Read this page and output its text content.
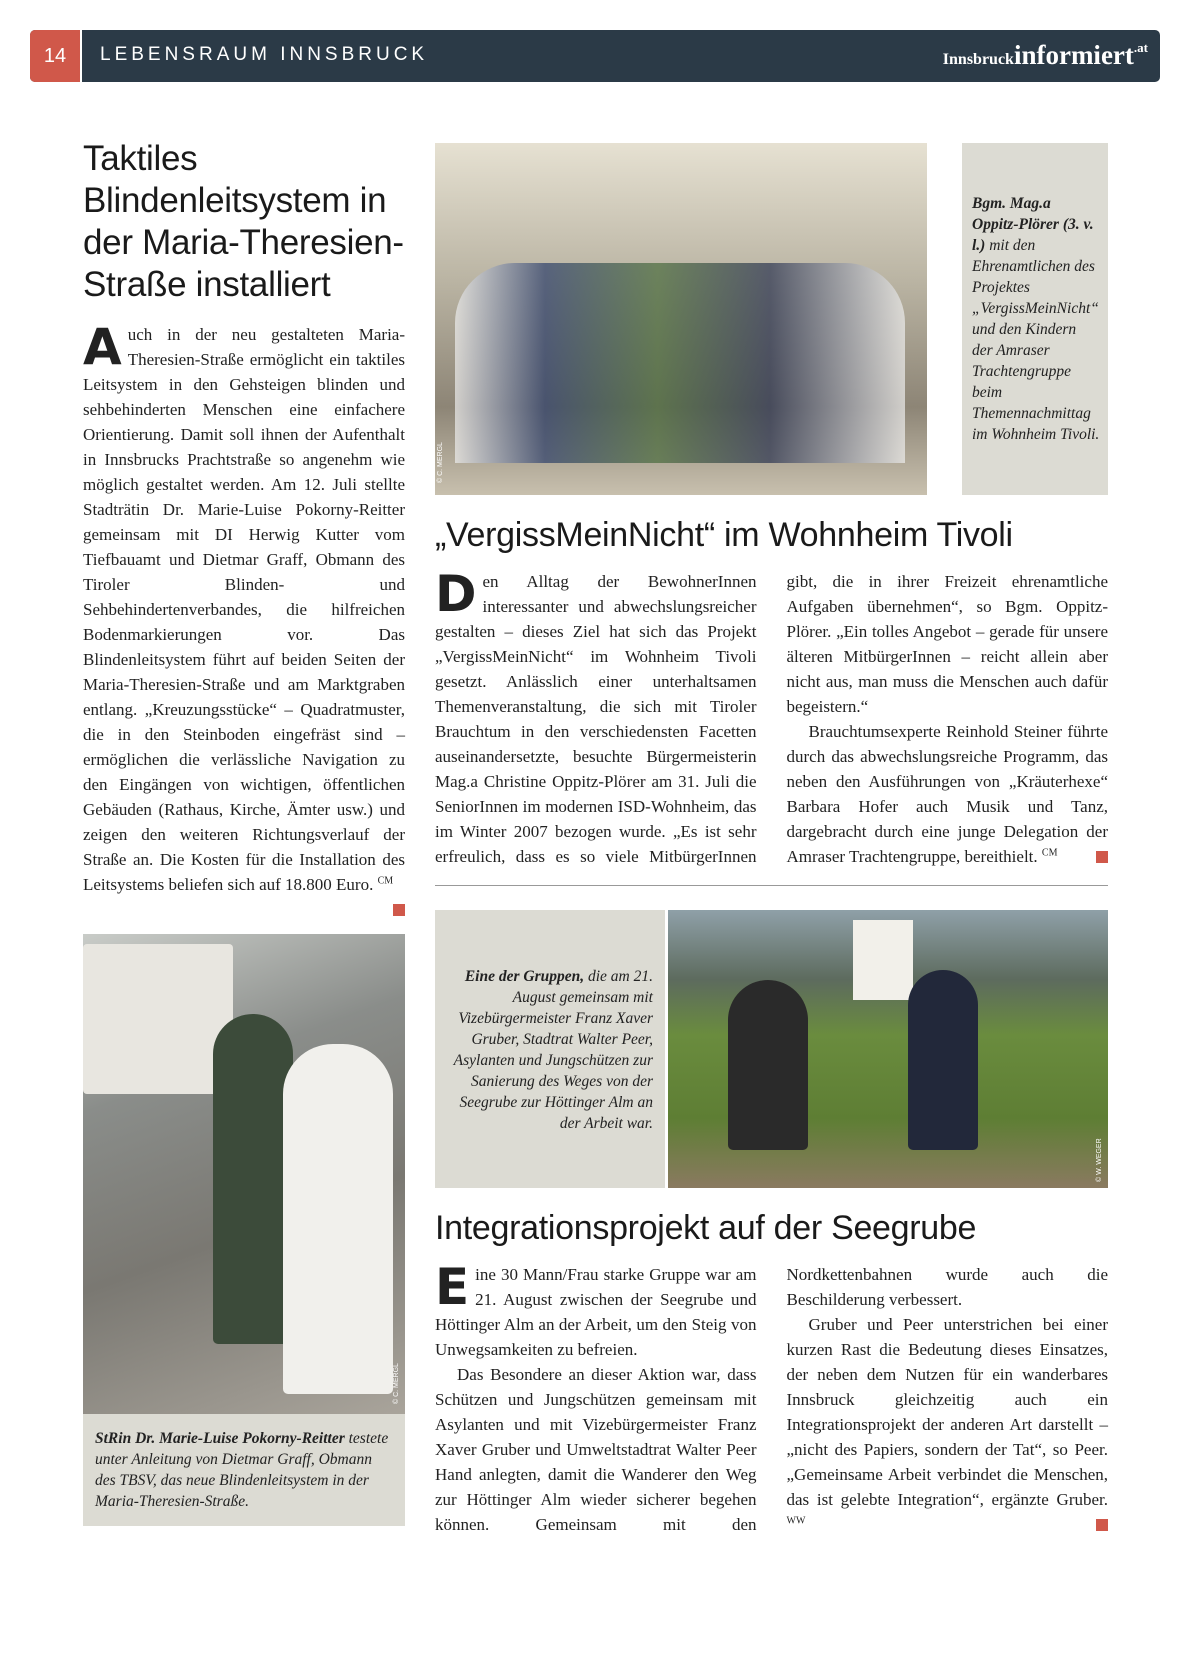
14	LEBENSRAUM INNSBRUCK	Innsbruckinformiert$^{.at}$
Taktiles Blindenleitsystem in der Maria-Theresien-Straße installiert

Auch in der neu gestalteten Maria-Theresien-Straße ermöglicht ein taktiles Leitsystem in den Gehsteigen blinden und sehbehinderten Menschen eine einfachere Orientierung. Damit soll ihnen der Aufenthalt in Innsbrucks Prachtstraße so angenehm wie möglich gestaltet werden. Am 12. Juli stellte Stadträtin Dr. Marie-Luise Pokorny-Reitter gemeinsam mit DI Herwig Kutter vom Tiefbauamt und Dietmar Graff, Obmann des Tiroler Blinden- und Sehbehindertenverbandes, die hilfreichen Bodenmarkierungen vor. Das Blindenleitsystem führt auf beiden Seiten der Maria-Theresien-Straße und am Marktgraben entlang. „Kreuzungsstücke“ – Quadratmuster, die in den Steinboden eingefräst sind – ermöglichen die verlässliche Navigation zu den Eingängen von wichtigen, öffentlichen Gebäuden (Rathaus, Kirche, Ämter usw.) und zeigen den weiteren Richtungsverlauf der Straße an. Die Kosten für die Installation des Leitsystems beliefen sich auf 18.800 Euro. $^{CM}$

© C. MERGL
StRin Dr. Marie-Luise Pokorny-Reitter testete unter Anleitung von Dietmar Graff, Obmann des TBSV, das neue Blindenleitsystem in der Maria-Theresien-Straße.
© C. MERGL
Bgm. Mag.a Oppitz-Plörer (3. v. l.) mit den Ehrenamtlichen des Projektes „VergissMeinNicht“ und den Kindern der Amraser Trachtengruppe beim Themennachmittag im Wohnheim Tivoli.
„VergissMeinNicht“ im Wohnheim Tivoli

Den Alltag der BewohnerInnen interessanter und abwechslungsreicher gestalten – dieses Ziel hat sich das Projekt „VergissMeinNicht“ im Wohnheim Tivoli gesetzt. Anlässlich einer unterhaltsamen Themenveranstaltung, die sich mit Tiroler Brauchtum in den verschiedensten Facetten auseinandersetzte, besuchte Bürgermeisterin Mag.a Christine Oppitz-Plörer am 31. Juli die SeniorInnen im modernen ISD-Wohnheim, das im Winter 2007 bezogen wurde. „Es ist sehr erfreulich, dass es so viele MitbürgerInnen gibt, die in ihrer Freizeit ehrenamtliche Aufgaben übernehmen“, so Bgm. Oppitz-Plörer. „Ein tolles Angebot – gerade für unsere älteren MitbürgerInnen – reicht allein aber nicht aus, man muss die Menschen auch dafür begeistern.“

Brauchtumsexperte Reinhold Steiner führte durch das abwechslungsreiche Programm, das neben den Ausführungen von „Kräuterhexe“ Barbara Hofer auch Musik und Tanz, dargebracht durch eine junge Delegation der Amraser Trachtengruppe, bereithielt. $^{CM}$

Eine der Gruppen, die am 21. August gemeinsam mit Vizebürgermeister Franz Xaver Gruber, Stadtrat Walter Peer, Asylanten und Jungschützen zur Sanierung des Weges von der Seegrube zur Höttinger Alm an der Arbeit war.
© W. WEGER
Integrationsprojekt auf der Seegrube

Eine 30 Mann/Frau starke Gruppe war am 21. August zwischen der Seegrube und Höttinger Alm an der Arbeit, um den Steig von Unwegsamkeiten zu befreien.

Das Besondere an dieser Aktion war, dass Schützen und Jungschützen gemeinsam mit Asylanten und mit Vizebürgermeister Franz Xaver Gruber und Umweltstadtrat Walter Peer Hand anlegten, damit die Wanderer den Weg zur Höttinger Alm wieder sicherer begehen können. Gemeinsam mit den Nordkettenbahnen wurde auch die Beschilderung verbessert.

Gruber und Peer unterstrichen bei einer kurzen Rast die Bedeutung dieses Einsatzes, der neben dem Nutzen für ein wanderbares Innsbruck gleichzeitig auch ein Integrationsprojekt der anderen Art darstellt – „nicht des Papiers, sondern der Tat“, so Peer. „Gemeinsame Arbeit verbindet die Menschen, das ist gelebte Integration“, ergänzte Gruber. $^{WW}$
